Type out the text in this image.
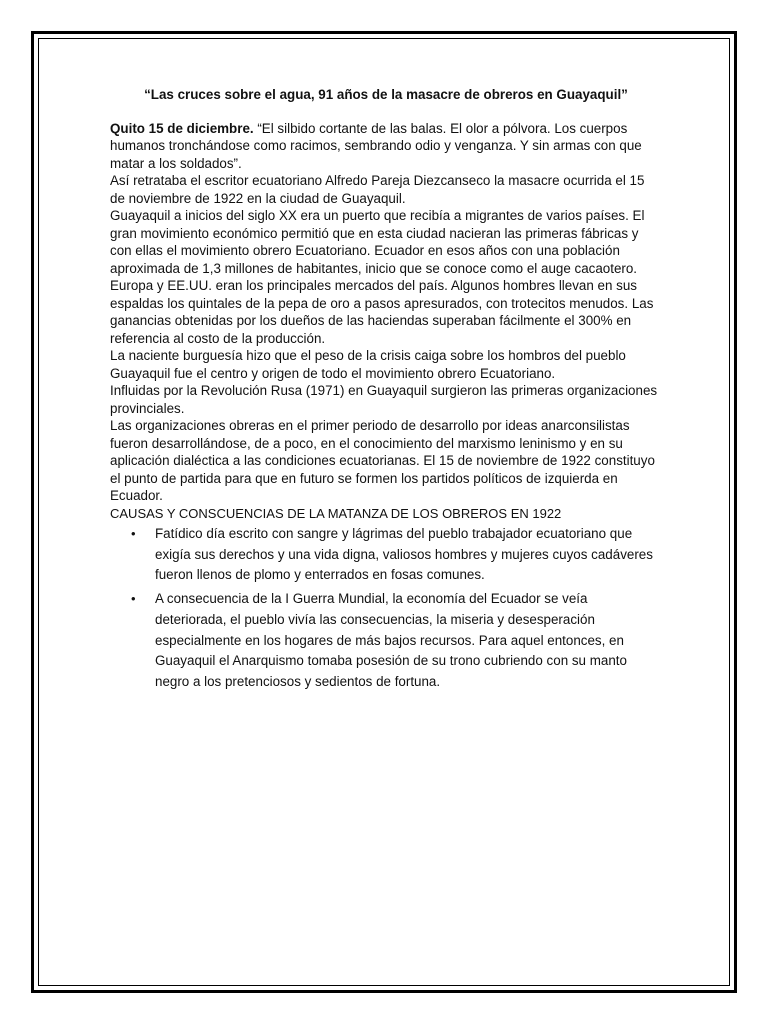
“Las cruces sobre el agua, 91 años de la masacre de obreros en Guayaquil”

Quito 15 de diciembre. “El silbido cortante de las balas. El olor a pólvora. Los cuerpos humanos tronchándose como racimos, sembrando odio y venganza. Y sin armas con que matar a los soldados”.

Así retrataba el escritor ecuatoriano Alfredo Pareja Diezcanseco la masacre ocurrida el 15 de noviembre de 1922 en la ciudad de Guayaquil.

Guayaquil a inicios del siglo XX era un puerto que recibía a migrantes de varios países. El gran movimiento económico permitió que en esta ciudad nacieran las primeras fábricas y con ellas el movimiento obrero Ecuatoriano. Ecuador en esos años con una población aproximada de 1,3 millones de habitantes, inicio que se conoce como el auge cacaotero.

Europa y EE.UU. eran los principales mercados del país. Algunos hombres llevan en sus espaldas los quintales de la pepa de oro a pasos apresurados, con trotecitos menudos. Las ganancias obtenidas por los dueños de las haciendas superaban fácilmente el 300% en referencia al costo de la producción.

La naciente burguesía hizo que el peso de la crisis caiga sobre los hombros del pueblo Guayaquil fue el centro y origen de todo el movimiento obrero Ecuatoriano.

Influidas por la Revolución Rusa (1971) en Guayaquil surgieron las primeras organizaciones provinciales.

Las organizaciones obreras en el primer periodo de desarrollo por ideas anarconsilistas fueron desarrollándose, de a poco, en el conocimiento del marxismo leninismo y en su aplicación dialéctica a las condiciones ecuatorianas. El 15 de noviembre de 1922 constituyo el punto de partida para que en futuro se formen los partidos políticos de izquierda en Ecuador.

CAUSAS Y CONSCUENCIAS DE LA MATANZA DE LOS OBREROS EN 1922

• Fatídico día escrito con sangre y lágrimas del pueblo trabajador ecuatoriano que exigía sus derechos y una vida digna, valiosos hombres y mujeres cuyos cadáveres fueron llenos de plomo y enterrados en fosas comunes.
• A consecuencia de la I Guerra Mundial, la economía del Ecuador se veía deteriorada, el pueblo vivía las consecuencias, la miseria y desesperación especialmente en los hogares de más bajos recursos. Para aquel entonces, en Guayaquil el Anarquismo tomaba posesión de su trono cubriendo con su manto negro a los pretenciosos y sedientos de fortuna.
